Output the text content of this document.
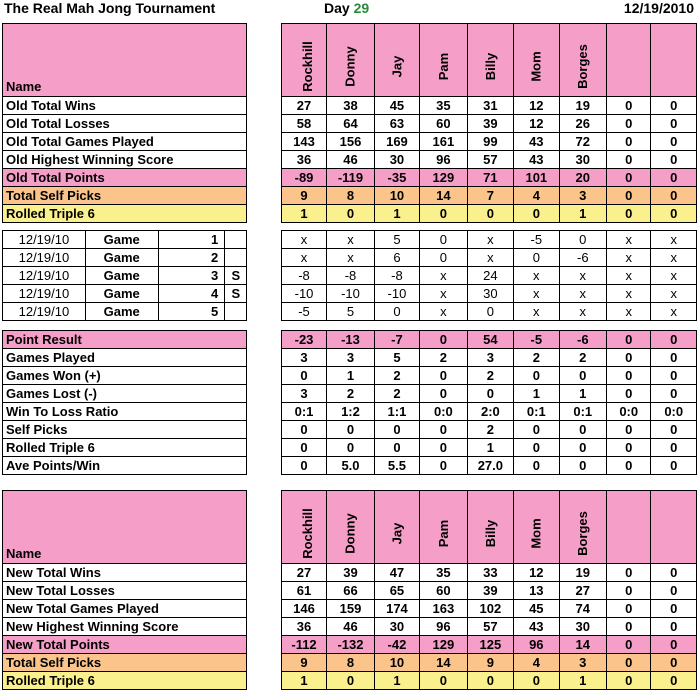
The Real Mah Jong Tournament	Day 29	12/19/2010
Name		Rockhill	Donny	Jay	Pam	Billy	Mom	Borges		
Old Total Wins		27	38	45	35	31	12	19	0	0
Old Total Losses		58	64	63	60	39	12	26	0	0
Old Total Games Played		143	156	169	161	99	43	72	0	0
Old Highest Winning Score		36	46	30	96	57	43	30	0	0
Old Total Points		-89	-119	-35	129	71	101	20	0	0
Total Self Picks		9	8	10	14	7	4	3	0	0
Rolled Triple 6		1	0	1	0	0	0	1	0	0
12/19/10	Game	1			x	x	5	0	x	-5	0	x	x
12/19/10	Game	2			x	x	6	0	x	0	-6	x	x
12/19/10	Game	3	S		-8	-8	-8	x	24	x	x	x	x
12/19/10	Game	4	S		-10	-10	-10	x	30	x	x	x	x
12/19/10	Game	5			-5	5	0	x	0	x	x	x	x
Point Result		-23	-13	-7	0	54	-5	-6	0	0
Games Played		3	3	5	2	3	2	2	0	0
Games Won (+)		0	1	2	0	2	0	0	0	0
Games Lost (-)		3	2	2	0	0	1	1	0	0
Win To Loss Ratio		0:1	1:2	1:1	0:0	2:0	0:1	0:1	0:0	0:0
Self Picks		0	0	0	0	2	0	0	0	0
Rolled Triple 6		0	0	0	0	1	0	0	0	0
Ave Points/Win		0	5.0	5.5	0	27.0	0	0	0	0
Name		Rockhill	Donny	Jay	Pam	Billy	Mom	Borges		
New Total Wins		27	39	47	35	33	12	19	0	0
New Total Losses		61	66	65	60	39	13	27	0	0
New Total Games Played		146	159	174	163	102	45	74	0	0
New Highest Winning Score		36	46	30	96	57	43	30	0	0
New Total Points		-112	-132	-42	129	125	96	14	0	0
Total Self Picks		9	8	10	14	9	4	3	0	0
Rolled Triple 6		1	0	1	0	0	0	1	0	0
